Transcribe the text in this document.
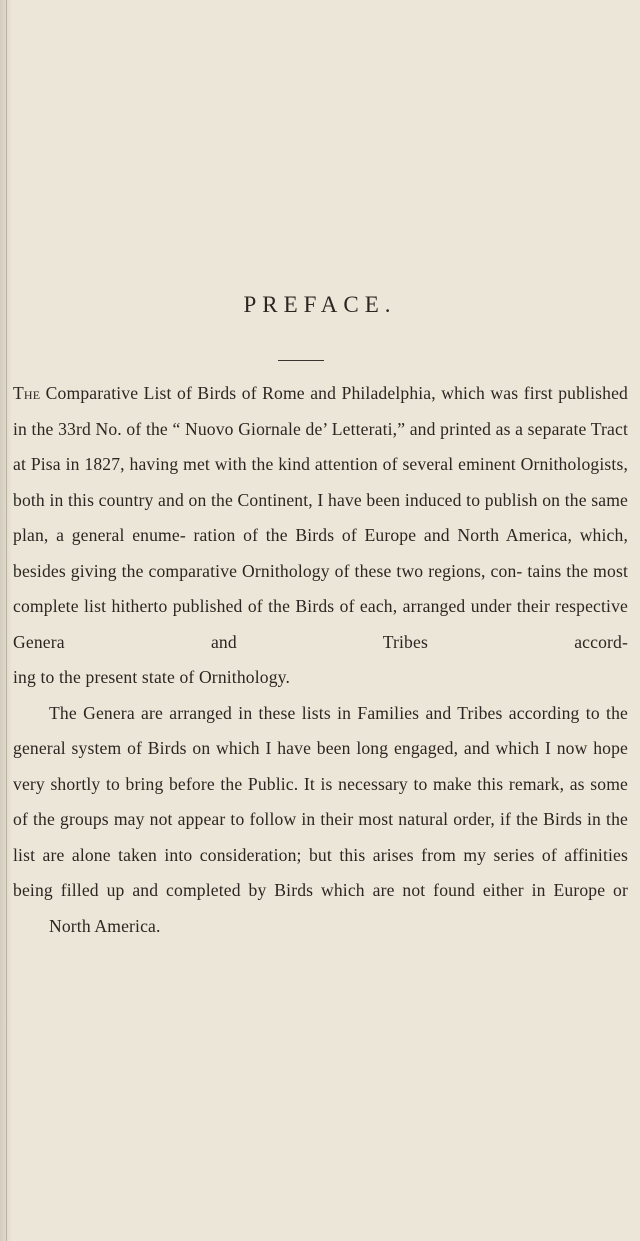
PREFACE.

The Comparative List of Birds of Rome and Philadelphia, which was first published in the 33rd No. of the “ Nuovo Giornale de’ Letterati,” and printed as a separate Tract at Pisa in 1827, having met with the kind attention of several eminent Ornithologists, both in this country and on the Continent, I have been induced to publish on the same plan, a general enume- ration of the Birds of Europe and North America, which, besides giving the comparative Ornithology of these two regions, con- tains the most complete list hitherto published of the Birds of each, arranged under their respective Genera and Tribes accord-
ing to the present state of Ornithology.

The Genera are arranged in these lists in Families and Tribes according to the general system of Birds on which I have been long engaged, and which I now hope very shortly to bring before the Public. It is necessary to make this remark, as some of the groups may not appear to follow in their most natural order, if the Birds in the list are alone taken into consideration; but this arises from my series of affinities being filled up and completed by Birds which are not found either in Europe or
North America.
